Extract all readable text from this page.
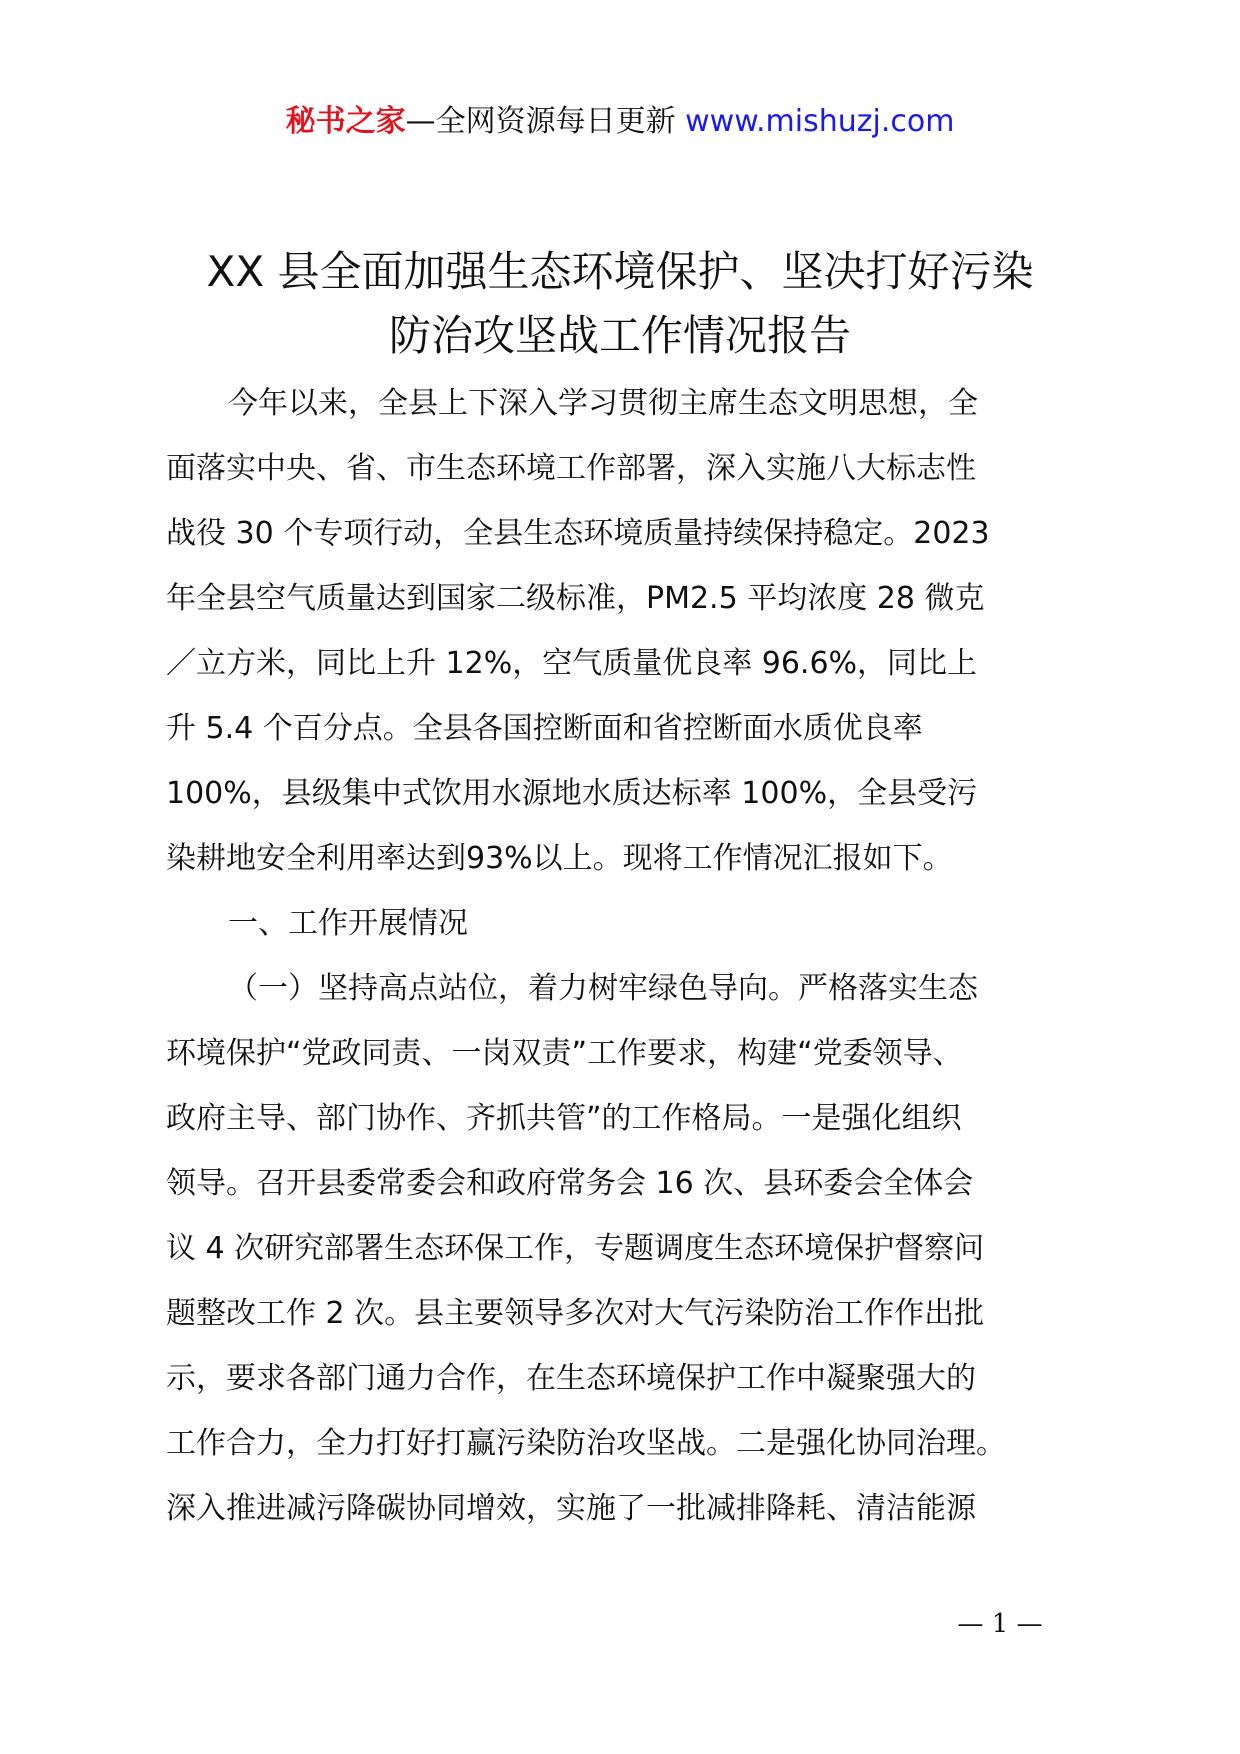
秘书之家—全网资源每日更新 www.mishuzj.com
XX 县全面加强生态环境保护、坚决打好污染
防治攻坚战工作情况报告
今年以来，全县上下深入学习贯彻主席生态文明思想，全
面落实中央、省、市生态环境工作部署，深入实施八大标志性
战役 30 个专项行动，全县生态环境质量持续保持稳定。2023
年全县空气质量达到国家二级标准，PM2.5 平均浓度 28 微克
／立方米，同比上升 12%，空气质量优良率 96.6%，同比上
升 5.4 个百分点。全县各国控断面和省控断面水质优良率
100%，县级集中式饮用水源地水质达标率 100%，全县受污
染耕地安全利用率达到93%以上。现将工作情况汇报如下。
一、工作开展情况
（一）坚持高点站位，着力树牢绿色导向。严格落实生态
环境保护“党政同责、一岗双责”工作要求，构建“党委领导、
政府主导、部门协作、齐抓共管”的工作格局。一是强化组织
领导。召开县委常委会和政府常务会 16 次、县环委会全体会
议 4 次研究部署生态环保工作，专题调度生态环境保护督察问
题整改工作 2 次。县主要领导多次对大气污染防治工作作出批
示，要求各部门通力合作，在生态环境保护工作中凝聚强大的
工作合力，全力打好打赢污染防治攻坚战。二是强化协同治理。
深入推进减污降碳协同增效，实施了一批减排降耗、清洁能源
— 1 —
